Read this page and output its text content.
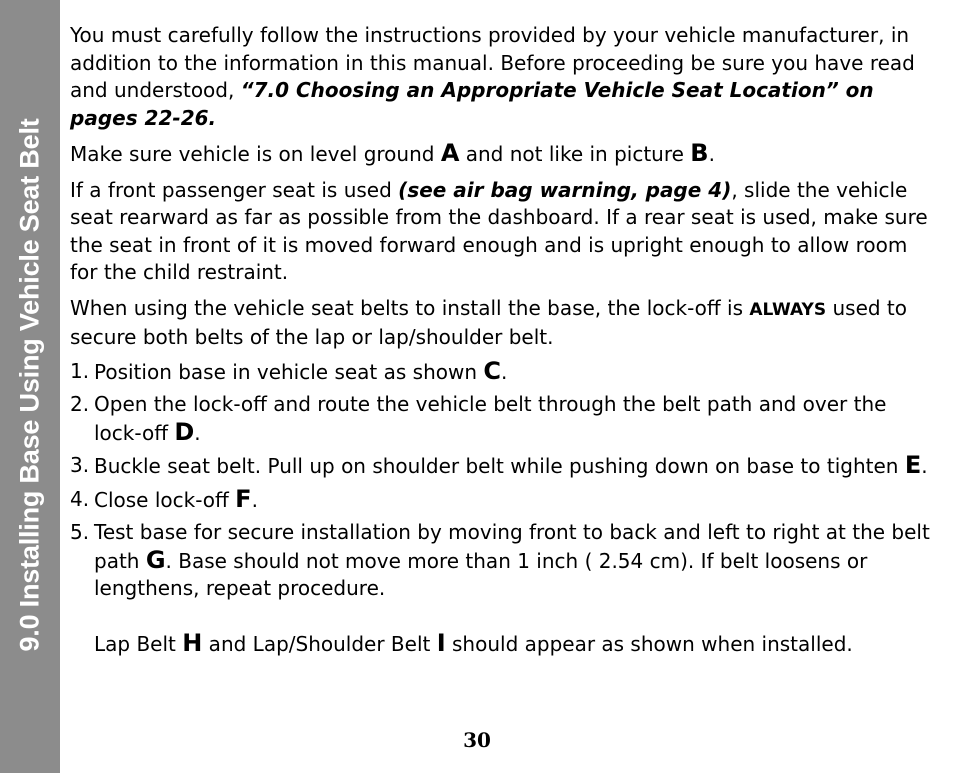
9.0 Installing Base Using Vehicle Seat Belt

You must carefully follow the instructions provided by your vehicle manufacturer, in addition to the information in this manual. Before proceeding be sure you have read and understood, “7.0 Choosing an Appropriate Vehicle Seat Location” on pages 22-26.

Make sure vehicle is on level ground A and not like in picture B.

If a front passenger seat is used (see air bag warning, page 4), slide the vehicle seat rearward as far as possible from the dashboard. If a rear seat is used, make sure the seat in front of it is moved forward enough and is upright enough to allow room for the child restraint.

When using the vehicle seat belts to install the base, the lock-off is ALWAYS used to secure both belts of the lap or lap/shoulder belt.

1. Position base in vehicle seat as shown C.
2. Open the lock-off and route the vehicle belt through the belt path and over the lock-off D.
3. Buckle seat belt. Pull up on shoulder belt while pushing down on base to tighten E.
4. Close lock-off F.
5. Test base for secure installation by moving front to back and left to right at the belt path G. Base should not move more than 1 inch ( 2.54 cm). If belt loosens or lengthens, repeat procedure.

Lap Belt H and Lap/Shoulder Belt I should appear as shown when installed.

30
